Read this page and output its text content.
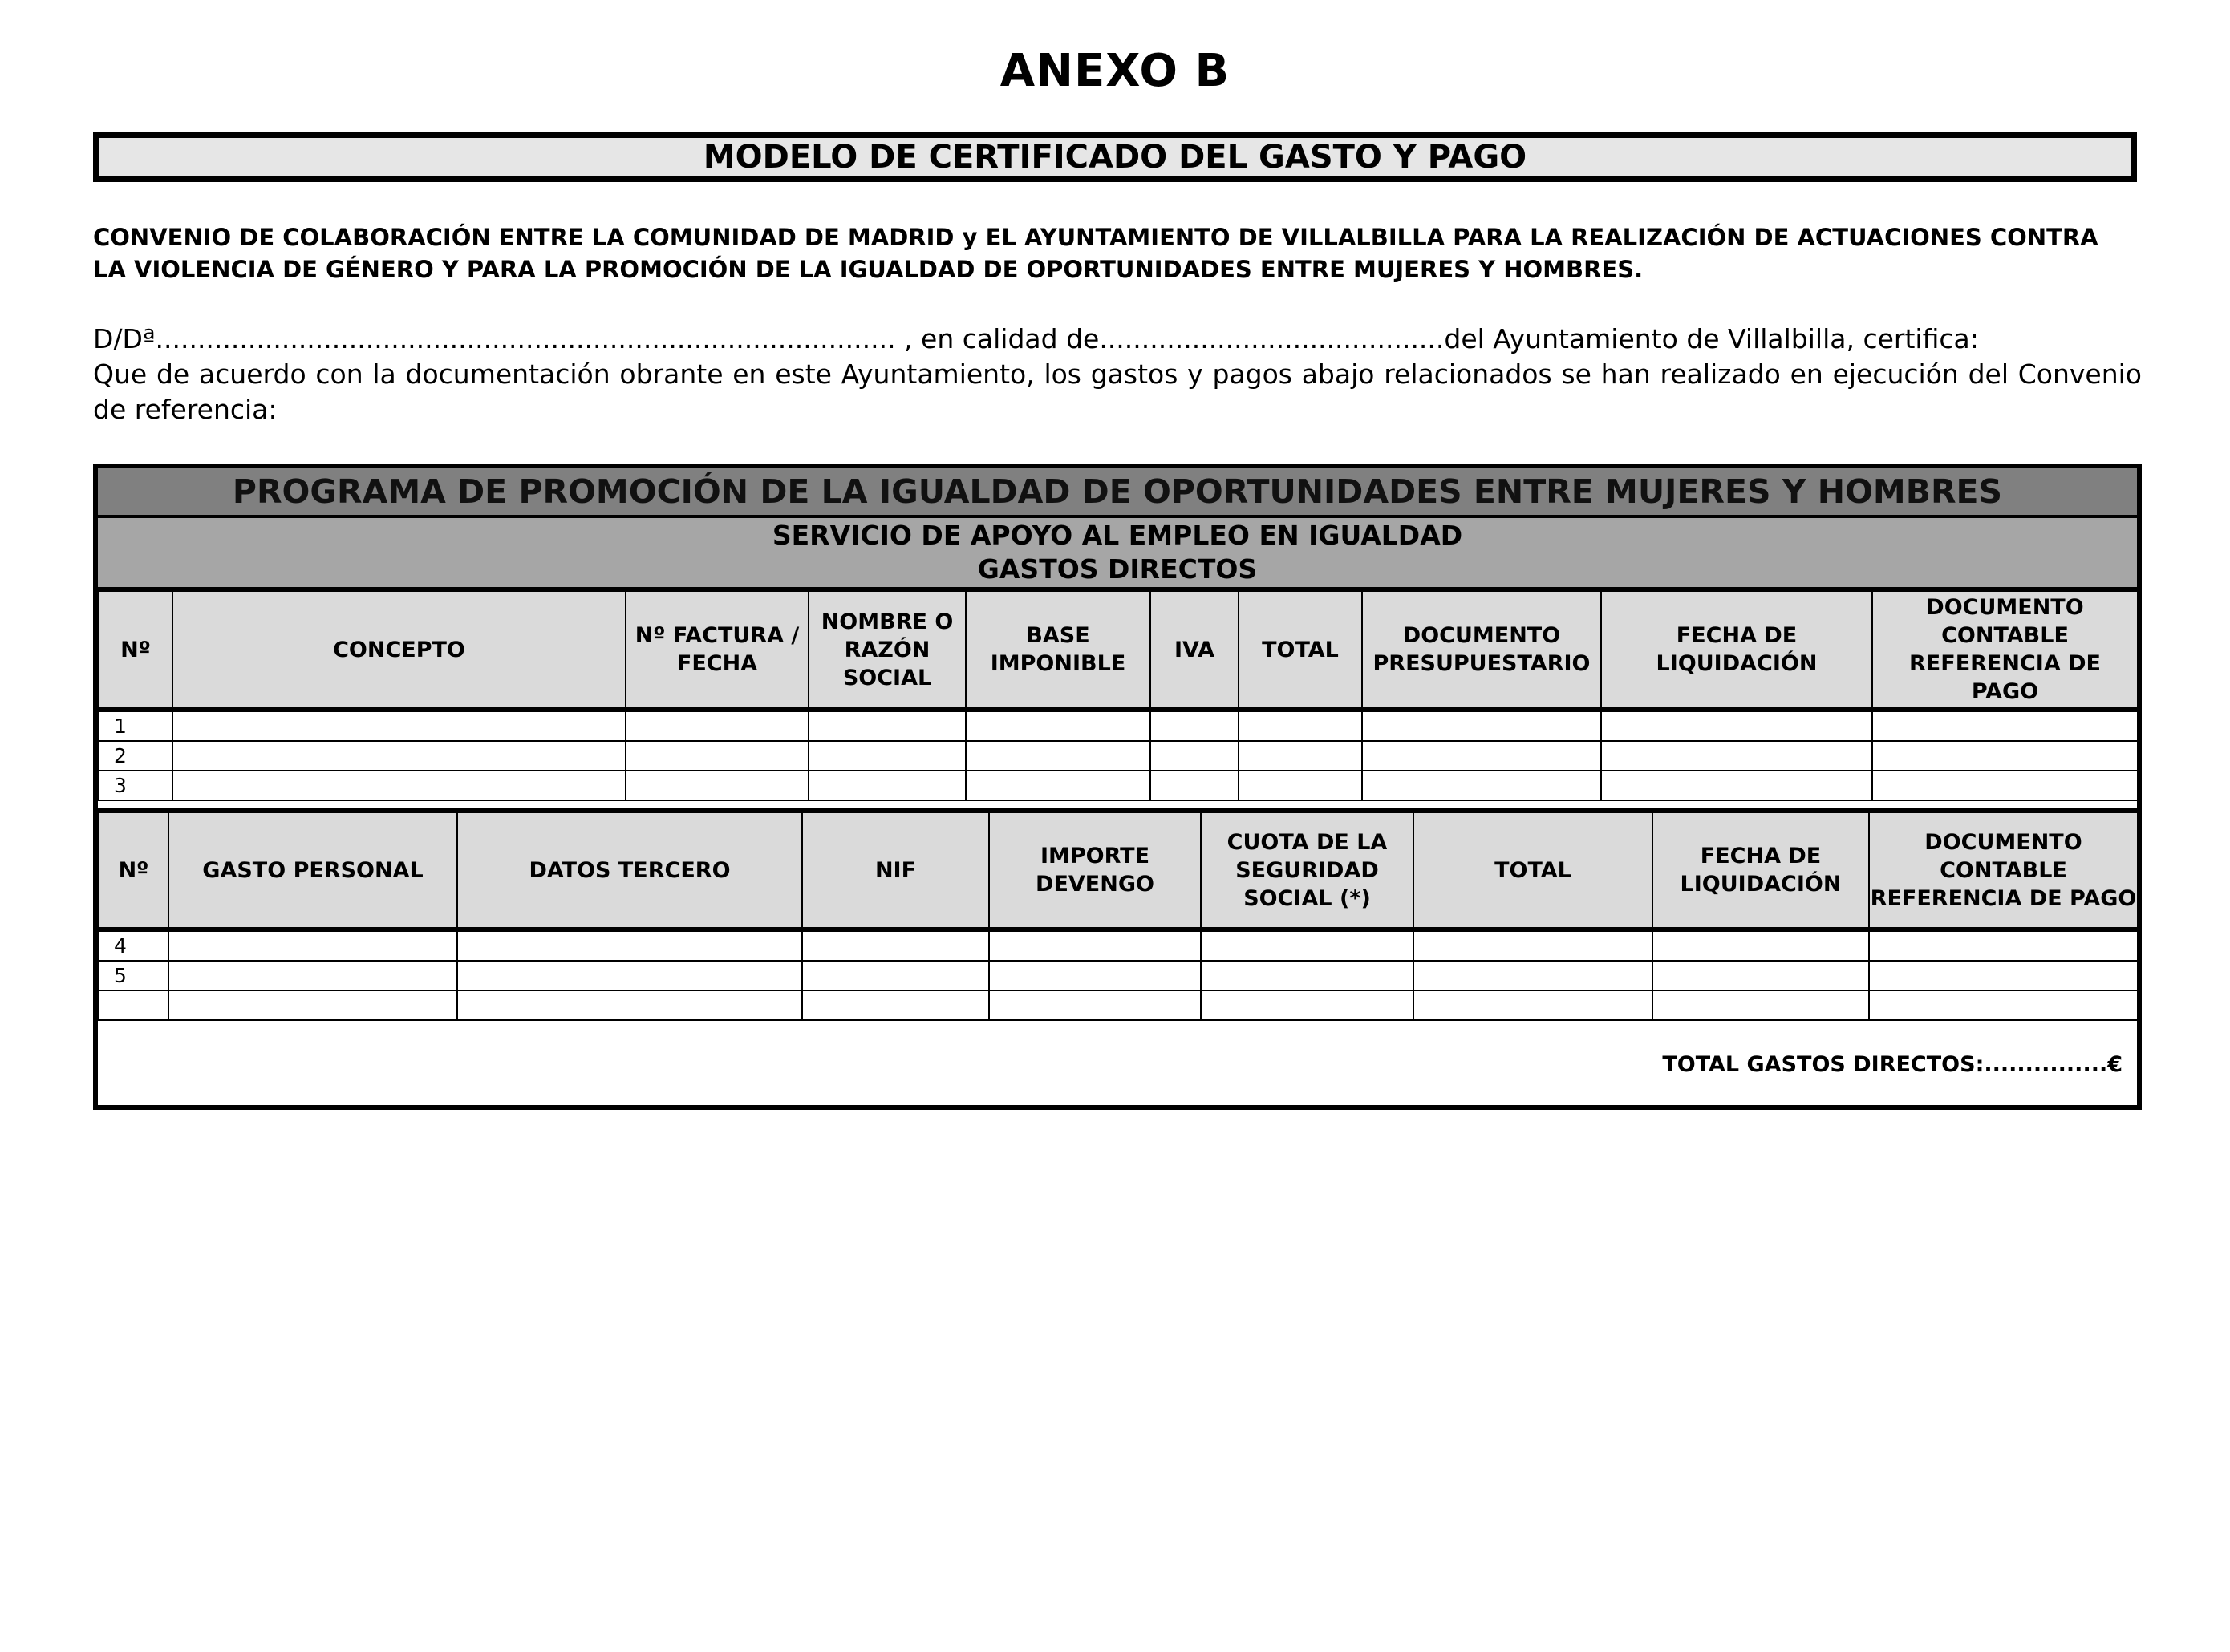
ANEXO B
MODELO DE CERTIFICADO DEL GASTO Y PAGO
CONVENIO DE COLABORACIÓN ENTRE LA COMUNIDAD DE MADRID y EL AYUNTAMIENTO DE VILLALBILLA PARA LA REALIZACIÓN DE ACTUACIONES CONTRA
LA VIOLENCIA DE GÉNERO Y PARA LA PROMOCIÓN DE LA IGUALDAD DE OPORTUNIDADES ENTRE MUJERES Y HOMBRES.
D/Dª........................................................................................ , en calidad de.........................................del Ayuntamiento de Villalbilla, certifica:
Que de acuerdo con la documentación obrante en este Ayuntamiento, los gastos y pagos abajo relacionados se han realizado en ejecución del Convenio de referencia:
PROGRAMA DE PROMOCIÓN DE LA IGUALDAD DE OPORTUNIDADES ENTRE MUJERES Y HOMBRES
SERVICIO DE APOYO AL EMPLEO EN IGUALDAD
GASTOS DIRECTOS
Nº	CONCEPTO	Nº FACTURA / FECHA	NOMBRE O RAZÓN SOCIAL	BASE IMPONIBLE	IVA	TOTAL	DOCUMENTO PRESUPUESTARIO	FECHA DE LIQUIDACIÓN	DOCUMENTO CONTABLE REFERENCIA DE PAGO
1									
2									
3									
Nº	GASTO PERSONAL	DATOS TERCERO	NIF	IMPORTE DEVENGO	CUOTA DE LA SEGURIDAD SOCIAL (*)	TOTAL	FECHA DE LIQUIDACIÓN	DOCUMENTO CONTABLE REFERENCIA DE PAGO
4								
5								

TOTAL GASTOS DIRECTOS:...............€
